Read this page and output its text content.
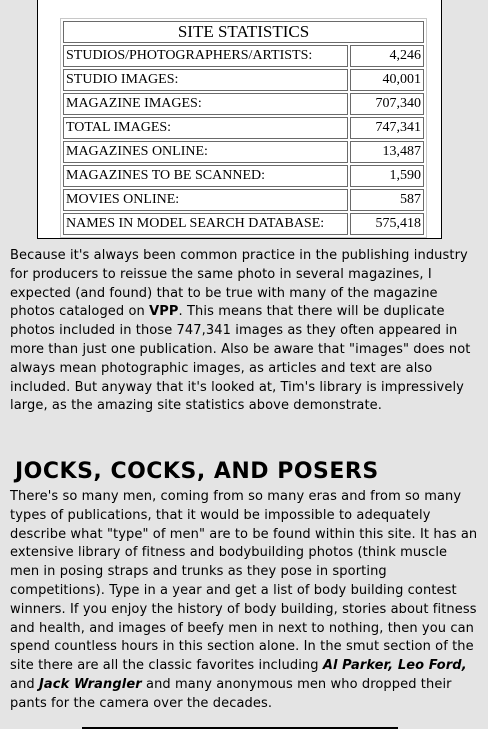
SITE STATISTICS	
STUDIOS/PHOTOGRAPHERS/ARTISTS:	4,246
STUDIO IMAGES:	40,001
MAGAZINE IMAGES:	707,340
TOTAL IMAGES:	747,341
MAGAZINES ONLINE:	13,487
MAGAZINES TO BE SCANNED:	1,590
MOVIES ONLINE:	587
NAMES IN MODEL SEARCH DATABASE:	575,418

Because it's always been common practice in the publishing industry for producers to reissue the same photo in several magazines, I expected (and found) that to be true with many of the magazine photos cataloged on VPP. This means that there will be duplicate photos included in those 747,341 images as they often appeared in more than just one publication. Also be aware that "images" does not always mean photographic images, as articles and text are also included. But anyway that it's looked at, Tim's library is impressively large, as the amazing site statistics above demonstrate.

JOCKS, COCKS, AND POSERS

There's so many men, coming from so many eras and from so many types of publications, that it would be impossible to adequately describe what "type" of men" are to be found within this site. It has an extensive library of fitness and bodybuilding photos (think muscle men in posing straps and trunks as they pose in sporting competitions). Type in a year and get a list of body building contest winners. If you enjoy the history of body building, stories about fitness and health, and images of beefy men in next to nothing, then you can spend countless hours in this section alone. In the smut section of the site there are all the classic favorites including Al Parker, Leo Ford, and Jack Wrangler and many anonymous men who dropped their pants for the camera over the decades.
